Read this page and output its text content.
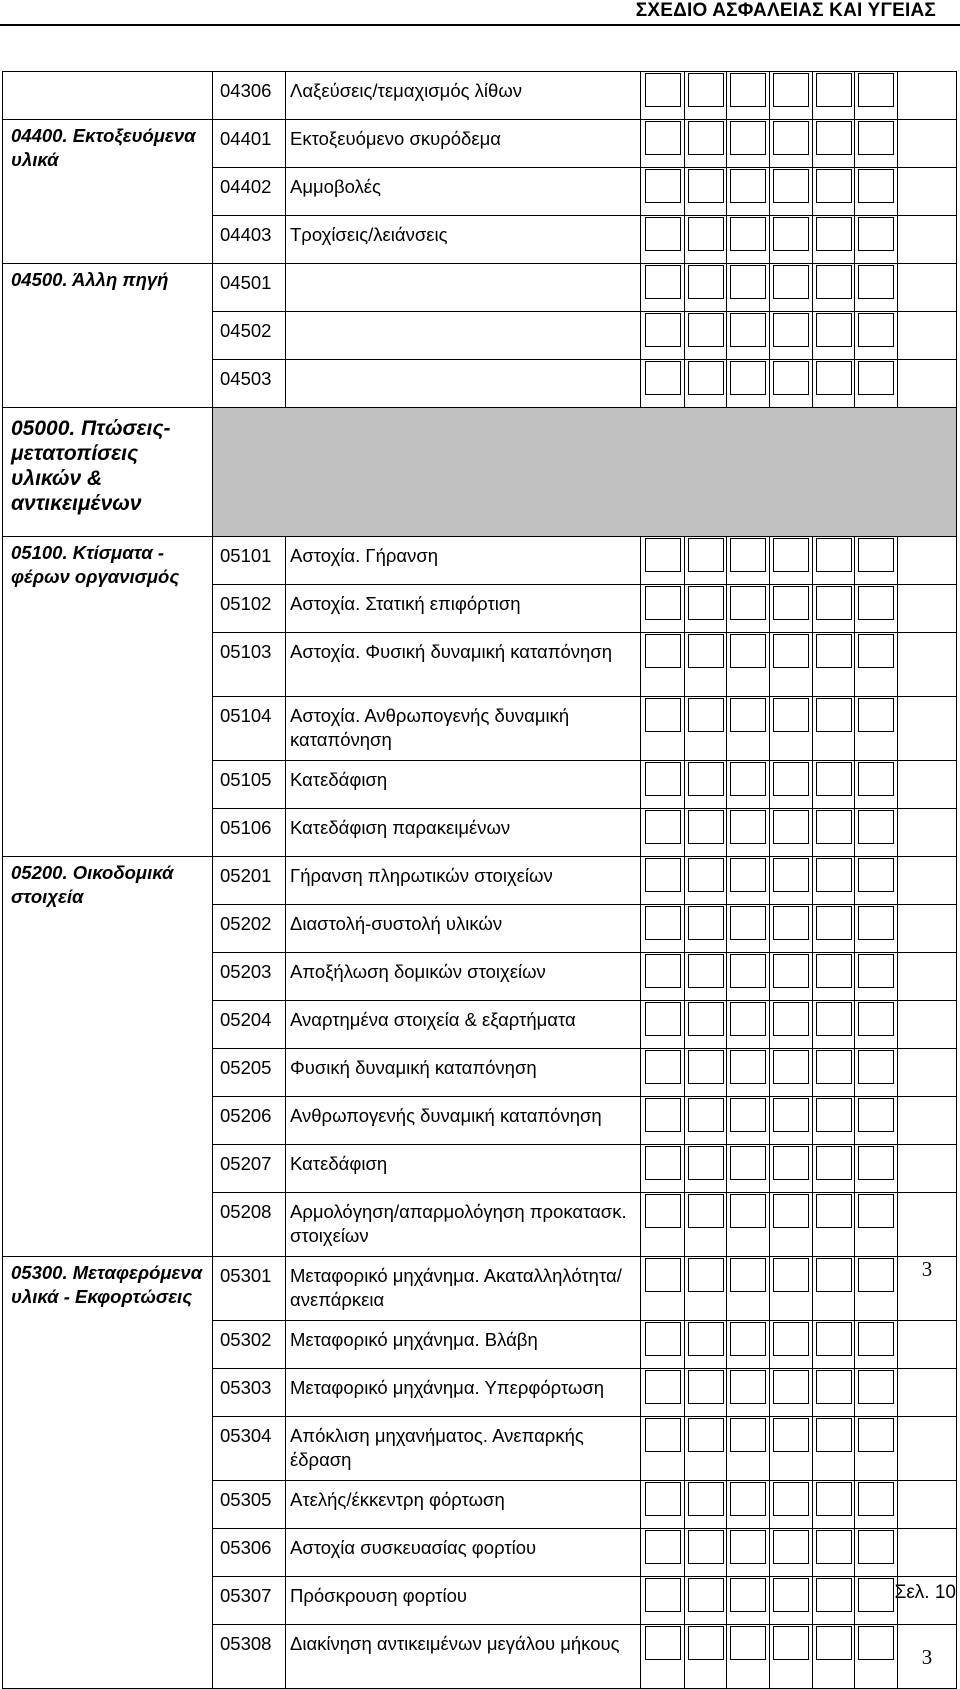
ΣΧΕΔΙΟ ΑΣΦΑΛΕΙΑΣ ΚΑΙ ΥΓΕΙΑΣ
	04306	Λαξεύσεις/τεμαχισμός λίθων	

04400. Εκτοξευόμενα υλικά	04401	Εκτοξευόμενο σκυρόδεμα	

	04402	Αμμοβολές	

	04403	Τροχίσεις/λειάνσεις	

04500. Άλλη πηγή	04501		

	04502		

	04503		

05000. Πτώσεις-μετατοπίσεις υλικών & αντικειμένων									
05100. Κτίσματα - φέρων οργανισμός	05101	Αστοχία. Γήρανση	

	05102	Αστοχία. Στατική επιφόρτιση	

	05103	Αστοχία. Φυσική δυναμική καταπόνηση	

	05104	Αστοχία. Ανθρωπογενής δυναμική καταπόνηση	

	05105	Κατεδάφιση	

	05106	Κατεδάφιση παρακειμένων	

05200. Οικοδομικά στοιχεία	05201	Γήρανση πληρωτικών στοιχείων	

	05202	Διαστολή-συστολή υλικών	

	05203	Αποξήλωση δομικών στοιχείων	

	05204	Αναρτημένα στοιχεία & εξαρτήματα	

	05205	Φυσική δυναμική καταπόνηση	

	05206	Ανθρωπογενής δυναμική καταπόνηση	

	05207	Κατεδάφιση	

	05208	Αρμολόγηση/απαρμολόγηση προκατασκ. στοιχείων	

05300. Μεταφερόμενα υλικά - Εκφορτώσεις	05301	Μεταφορικό μηχάνημα. Ακαταλληλότητα/ανεπάρκεια							3
	05302	Μεταφορικό μηχάνημα. Βλάβη	

	05303	Μεταφορικό μηχάνημα. Υπερφόρτωση	

	05304	Απόκλιση μηχανήματος. Ανεπαρκής έδραση	

	05305	Ατελής/έκκεντρη φόρτωση	

	05306	Αστοχία συσκευασίας φορτίου	

	05307	Πρόσκρουση φορτίου	

	05308	Διακίνηση αντικειμένων μεγάλου μήκους							3
Σελ. 10
